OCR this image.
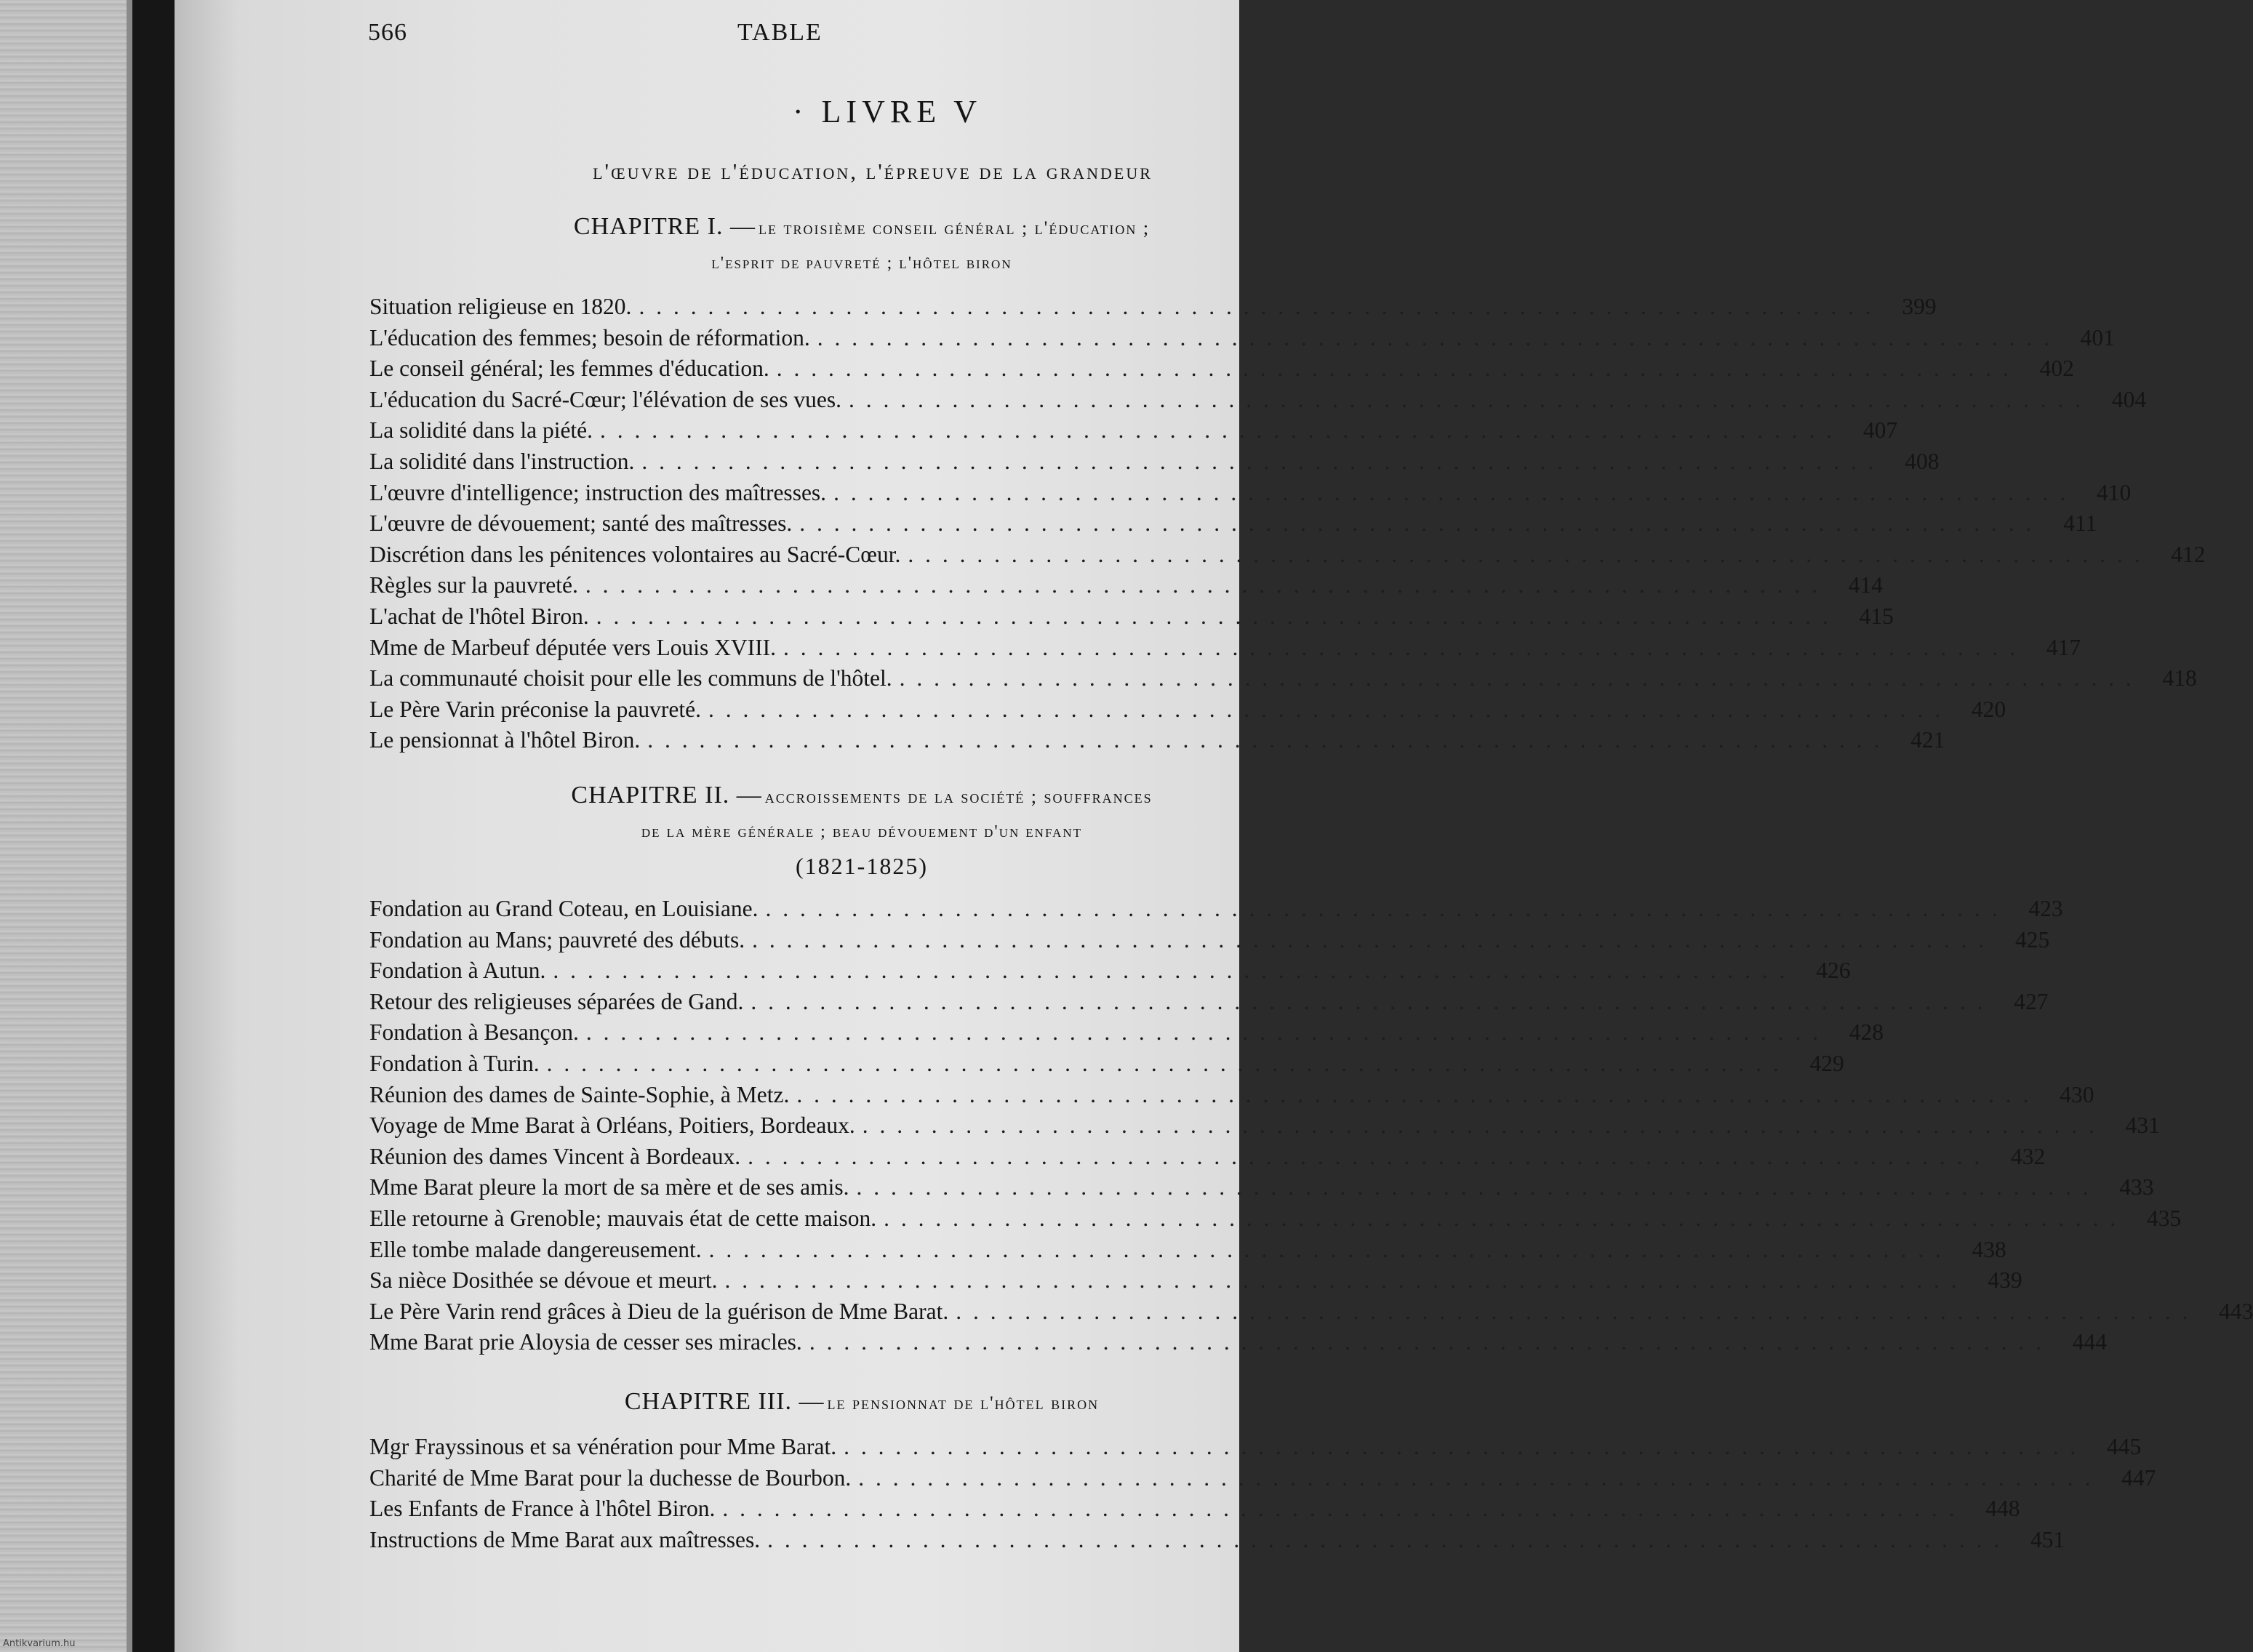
566	TABLE
· LIVRE V
l'œuvre de l'éducation, l'épreuve de la grandeur
CHAPITRE I. — le troisième conseil général ; l'éducation ;
l'esprit de pauvreté ; l'hôtel biron
Situation religieuse en 1820. . . .	399
L'éducation des femmes; besoin de réformation. . . .	401
Le conseil général; les femmes d'éducation. . . .	402
L'éducation du Sacré-Cœur; l'élévation de ses vues. . . .	404
La solidité dans la piété. . . .	407
La solidité dans l'instruction. . . .	408
L'œuvre d'intelligence; instruction des maîtresses. . . .	410
L'œuvre de dévouement; santé des maîtresses. . . .	411
Discrétion dans les pénitences volontaires au Sacré-Cœur. . . .	412
Règles sur la pauvreté. . . .	414
L'achat de l'hôtel Biron. . . .	415
Mme de Marbeuf députée vers Louis XVIII. . . .	417
La communauté choisit pour elle les communs de l'hôtel. . . .	418
Le Père Varin préconise la pauvreté. . . .	420
Le pensionnat à l'hôtel Biron. . . .	421
CHAPITRE II. — accroissements de la société ; souffrances
de la mère générale ; beau dévouement d'un enfant
(1821-1825)
Fondation au Grand Coteau, en Louisiane. . . .	423
Fondation au Mans; pauvreté des débuts. . . .	425
Fondation à Autun. . . .	426
Retour des religieuses séparées de Gand. . . .	427
Fondation à Besançon. . . .	428
Fondation à Turin. . . .	429
Réunion des dames de Sainte-Sophie, à Metz. . . .	430
Voyage de Mme Barat à Orléans, Poitiers, Bordeaux. . . .	431
Réunion des dames Vincent à Bordeaux. . . .	432
Mme Barat pleure la mort de sa mère et de ses amis. . . .	433
Elle retourne à Grenoble; mauvais état de cette maison. . . .	435
Elle tombe malade dangereusement. . . .	438
Sa nièce Dosithée se dévoue et meurt. . . .	439
Le Père Varin rend grâces à Dieu de la guérison de Mme Barat. . . .	443
Mme Barat prie Aloysia de cesser ses miracles. . . .	444
CHAPITRE III. — le pensionnat de l'hôtel biron
Mgr Frayssinous et sa vénération pour Mme Barat. . . .	445
Charité de Mme Barat pour la duchesse de Bourbon. . . .	447
Les Enfants de France à l'hôtel Biron. . . .	448
Instructions de Mme Barat aux maîtresses. . . .	451
Antikvarium.hu
